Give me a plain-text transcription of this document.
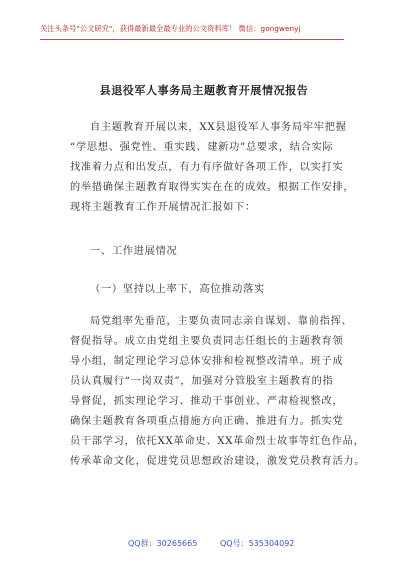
关注头条号"公文研究"，获得最新最全最专业的公文资料库！ 微信：gongwenyj
县退役军人事务局主题教育开展情况报告
自主题教育开展以来，XX县退役军人事务局牢牢把握
“学思想、强党性、重实践、建新功”总要求，结合实际
找准着力点和出发点，有力有序做好各项工作，以实打实
的举措确保主题教育取得实实在在的成效。根据工作安排，
现将主题教育工作开展情况汇报如下：
一、工作进展情况
（一）坚持以上率下，高位推动落实
局党组率先垂范，主要负责同志亲自谋划、靠前指挥、
督促指导。成立由党组主要负责同志任组长的主题教育领
导小组，制定理论学习总体安排和检视整改清单。班子成
员认真履行“一岗双责”，加强对分管股室主题教育的指
导督促，抓实理论学习、推动干事创业、严肃检视整改，
确保主题教育各项重点措施方向正确、推进有力。抓实党
员干部学习，依托XX革命史、XX革命烈士故事等红色作品，
传承革命文化，促进党员思想政治建设，激发党员教育活力。
QQ群：30265665	QQ号：535304092
